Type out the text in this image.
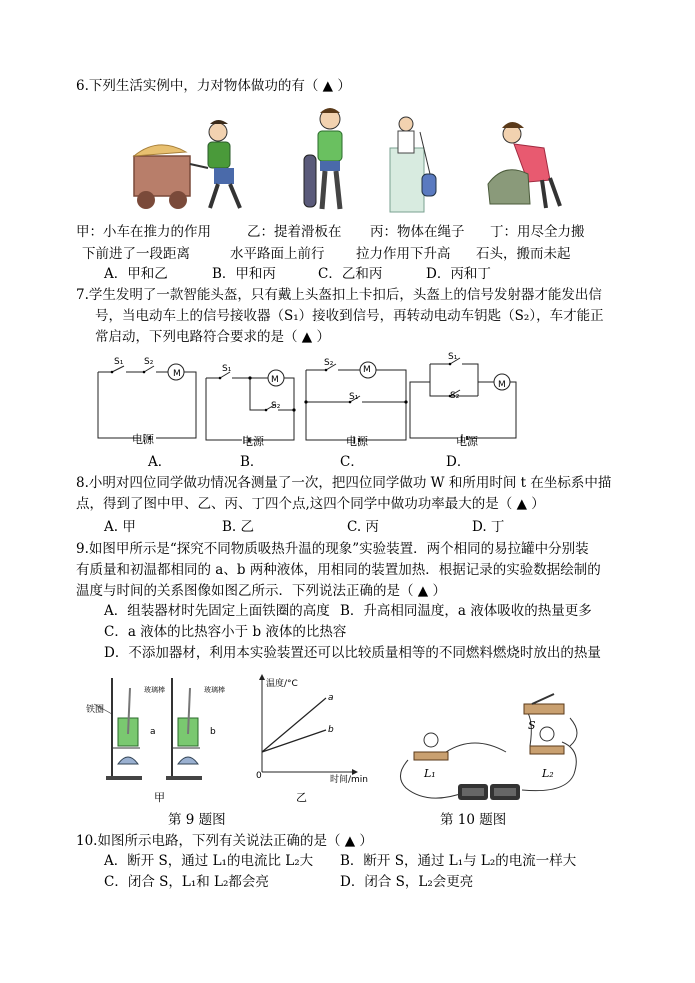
6.下列生活实例中，力对物体做功的有（ ▲ ）
甲：小车在推力的作用	乙：提着滑板在 丙：物体在绳子 丁：用尽全力搬
下前进了一段距离	水平路面上前行 拉力作用下升高 石头，搬而未起
A．甲和乙	B．甲和丙	C．乙和丙	D．丙和丁
7.学生发明了一款智能头盔，只有戴上头盔扣上卡扣后，头盔上的信号发射器才能发出信
号，当电动车上的信号接收器（S₁）接收到信号，再转动电动车钥匙（S₂），车才能正
常启动，下列电路符合要求的是（ ▲ ）
S₁ S₂
M
电源
S₁
M
S₂
电源
S₂
M
S₁
电源
S₁
S₂
M
电源
A．	B．	C．	D．
8.小明对四位同学做功情况各测量了一次，把四位同学做功 W 和所用时间 t 在坐标系中描
点，得到了图中甲、乙、丙、丁四个点,这四个同学中做功功率最大的是（ ▲ ）
A. 甲	B. 乙	C. 丙	D. 丁
9.如图甲所示是“探究不同物质吸热升温的现象”实验装置．两个相同的易拉罐中分别装
有质量和初温都相同的 a、b 两种液体，用相同的装置加热．根据记录的实验数据绘制的
温度与时间的关系图像如图乙所示．下列说法正确的是（ ▲ ）
A．组装器材时先固定上面铁圈的高度 B．升高相同温度，a 液体吸收的热量更多
C．a 液体的比热容小于 b 液体的比热容
D．不添加器材，利用本实验装置还可以比较质量相等的不同燃料燃烧时放出的热量
铁圈
玻璃棒	玻璃棒
a	b
甲
温度/°C
a
b
0	时间/min
乙
第 9 题图
S
L₁	L₂
第 10 题图
10.如图所示电路，下列有关说法正确的是（ ▲ ）
A．断开 S，通过 L₁的电流比 L₂大 B．断开 S，通过 L₁与 L₂的电流一样大
C．闭合 S，L₁和 L₂都会亮	D．闭合 S，L₂会更亮
